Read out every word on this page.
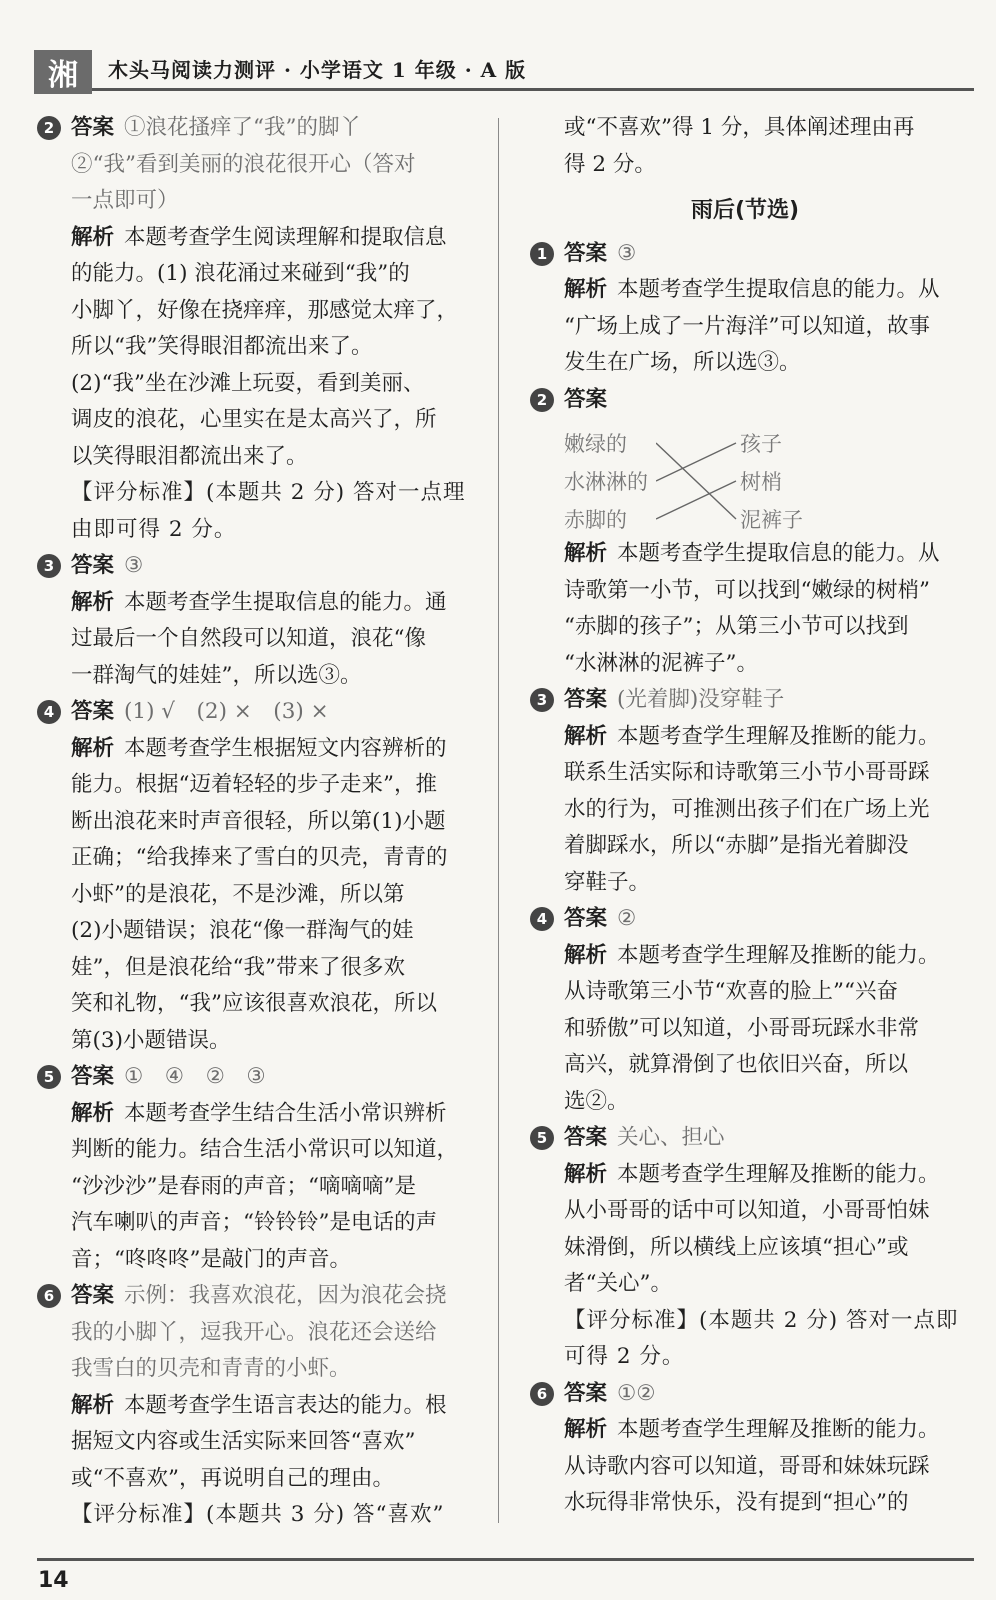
湘	木头马阅读力测评 · 小学语文 1 年级 · A 版
2 答案 ①浪花搔痒了“我”的脚丫

②“我”看到美丽的浪花很开心（答对

一点即可）

解析 本题考查学生阅读理解和提取信息

的能力。(1) 浪花涌过来碰到“我”的

小脚丫，好像在挠痒痒，那感觉太痒了，

所以“我”笑得眼泪都流出来了。

(2)“我”坐在沙滩上玩耍，看到美丽、

调皮的浪花，心里实在是太高兴了，所

以笑得眼泪都流出来了。

【评分标准】(本题共 2 分) 答对一点理

由即可得 2 分。

3 答案 ③

解析 本题考查学生提取信息的能力。通

过最后一个自然段可以知道，浪花“像

一群淘气的娃娃”，所以选③。

4 答案 (1) √　(2) ×　(3) ×

解析 本题考查学生根据短文内容辨析的

能力。根据“迈着轻轻的步子走来”，推

断出浪花来时声音很轻，所以第(1)小题

正确；“给我捧来了雪白的贝壳，青青的

小虾”的是浪花，不是沙滩，所以第

(2)小题错误；浪花“像一群淘气的娃

娃”，但是浪花给“我”带来了很多欢

笑和礼物，“我”应该很喜欢浪花，所以

第(3)小题错误。

5 答案 ①　④　②　③

解析 本题考查学生结合生活小常识辨析

判断的能力。结合生活小常识可以知道，

“沙沙沙”是春雨的声音；“嘀嘀嘀”是

汽车喇叭的声音；“铃铃铃”是电话的声

音；“咚咚咚”是敲门的声音。

6 答案 示例：我喜欢浪花，因为浪花会挠

我的小脚丫，逗我开心。浪花还会送给

我雪白的贝壳和青青的小虾。

解析 本题考查学生语言表达的能力。根

据短文内容或生活实际来回答“喜欢”

或“不喜欢”，再说明自己的理由。

【评分标准】(本题共 3 分) 答“喜欢”

或“不喜欢”得 1 分，具体阐述理由再

得 2 分。

雨后(节选)
1 答案 ③

解析 本题考查学生提取信息的能力。从

“广场上成了一片海洋”可以知道，故事

发生在广场，所以选③。

2 答案

嫩绿的
水淋淋的
赤脚的
孩子
树梢
泥裤子

解析 本题考查学生提取信息的能力。从

诗歌第一小节，可以找到“嫩绿的树梢”

“赤脚的孩子”；从第三小节可以找到

“水淋淋的泥裤子”。

3 答案 (光着脚)没穿鞋子

解析 本题考查学生理解及推断的能力。

联系生活实际和诗歌第三小节小哥哥踩

水的行为，可推测出孩子们在广场上光

着脚踩水，所以“赤脚”是指光着脚没

穿鞋子。

4 答案 ②

解析 本题考查学生理解及推断的能力。

从诗歌第三小节“欢喜的脸上”“兴奋

和骄傲”可以知道，小哥哥玩踩水非常

高兴，就算滑倒了也依旧兴奋，所以

选②。

5 答案 关心、担心

解析 本题考查学生理解及推断的能力。

从小哥哥的话中可以知道，小哥哥怕妹

妹滑倒，所以横线上应该填“担心”或

者“关心”。

【评分标准】(本题共 2 分) 答对一点即

可得 2 分。

6 答案 ①②

解析 本题考查学生理解及推断的能力。

从诗歌内容可以知道，哥哥和妹妹玩踩

水玩得非常快乐，没有提到“担心”的

14
